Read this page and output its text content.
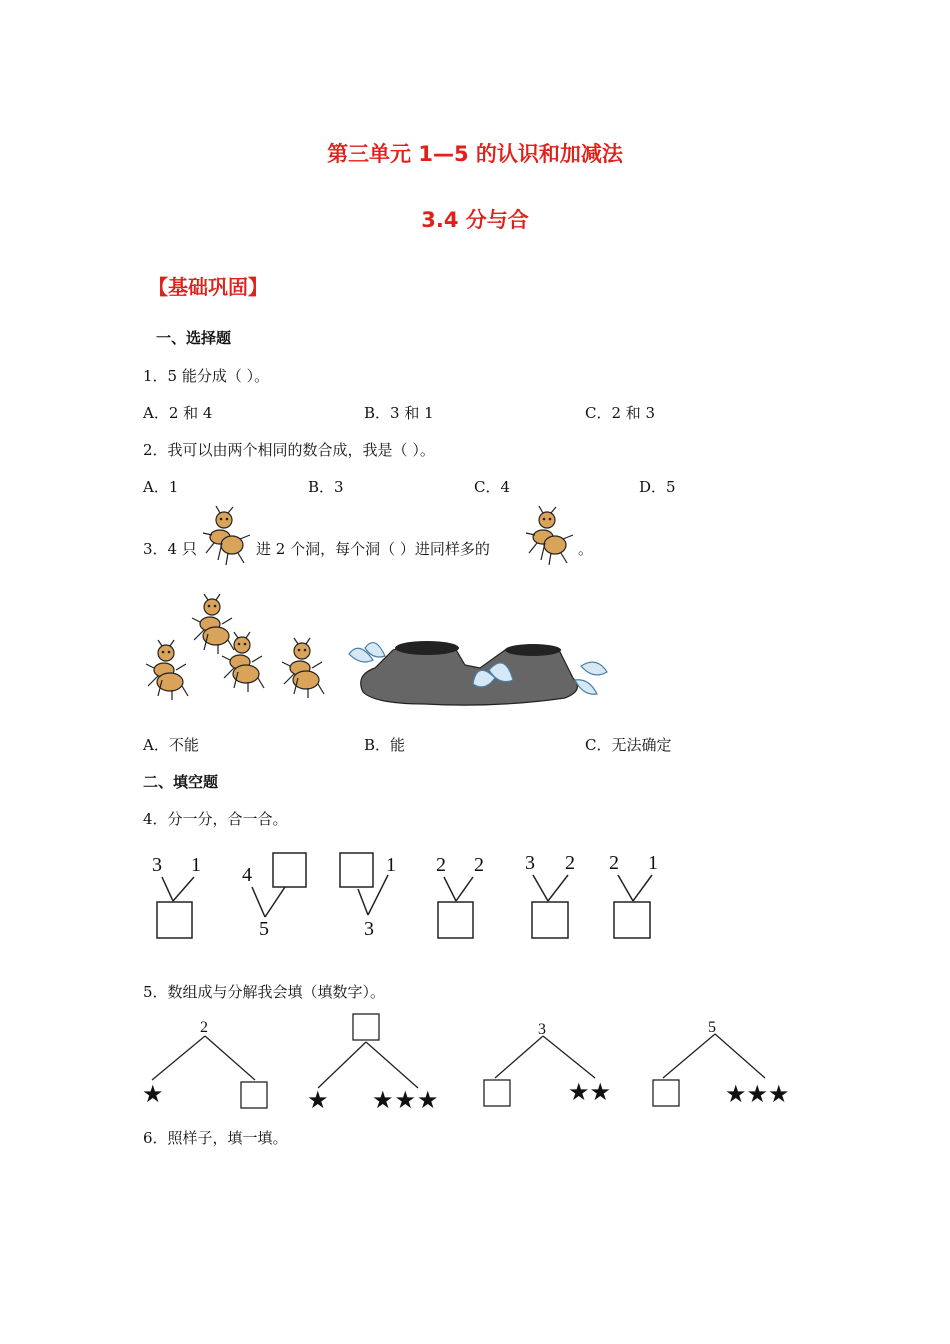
第三单元 1—5 的认识和加减法
3.4 分与合
【基础巩固】
一、选择题
1．5 能分成（ ）。
A．2 和 4	B．3 和 1	C．2 和 3
2．我可以由两个相同的数合成，我是（ ）。
A．1	B．3	C．4	D．5
3．4 只	进 2 个洞，每个洞（ ）进同样多的	。
A．不能	B．能	C．无法确定
二、填空题
4．分一分，合一合。
3 1 4
5
1
3
2 2 3 2 2 1
5．数组成与分解我会填（填数字）。
2
★	★ ★★★
3
★★
5
★★★
6．照样子，填一填。
